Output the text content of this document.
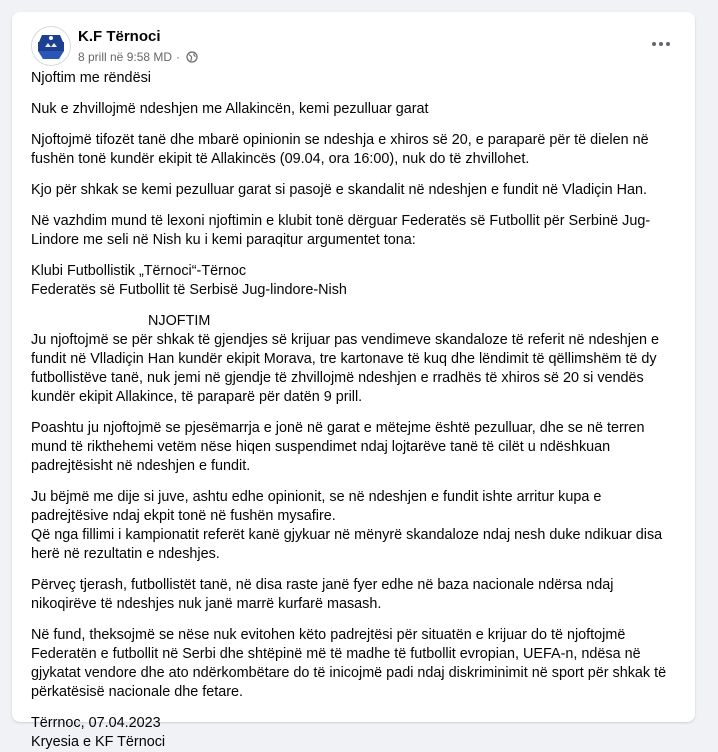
K.F Tërnoci
8 prill në 9:58 MD ·

Njoftim me rëndësi

Nuk e zhvillojmë ndeshjen me Allakincën, kemi pezulluar garat

Njoftojmë tifozët tanë dhe mbarë opinionin se ndeshja e xhiros së 20, e paraparë për të dielen në fushën tonë kundër ekipit të Allakincës (09.04, ora 16:00), nuk do të zhvillohet.

Kjo për shkak se kemi pezulluar garat si pasojë e skandalit në ndeshjen e fundit në Vladiçin Han.

Në vazhdim mund të lexoni njoftimin e klubit tonë dërguar Federatës së Futbollit për Serbinë Jug-Lindore me seli në Nish ku i kemi paraqitur argumentet tona:

Klubi Futbollistik „Tërnoci“-Tërnoc

Federatës së Futbollit të Serbisë Jug-lindore-Nish

NJOFTIM

Ju njoftojmë se për shkak të gjendjes së krijuar pas vendimeve skandaloze të referit në ndeshjen e fundit në Vlladiçin Han kundër ekipit Morava, tre kartonave të kuq dhe lëndimit të qëllimshëm të dy futbollistëve tanë, nuk jemi në gjendje të zhvillojmë ndeshjen e rradhës të xhiros së 20 si vendës kundër ekipit Allakince, të paraparë për datën 9 prill.

Poashtu ju njoftojmë se pjesëmarrja e jonë në garat e mëtejme është pezulluar, dhe se në terren mund të rikthehemi vetëm nëse hiqen suspendimet ndaj lojtarëve tanë të cilët u ndëshkuan padrejtësisht në ndeshjen e fundit.

Ju bëjmë me dije si juve, ashtu edhe opinionit, se në ndeshjen e fundit ishte arritur kupa e padrejtësive ndaj ekpit tonë në fushën mysafire.

Që nga fillimi i kampionatit referët kanë gjykuar në mënyrë skandaloze ndaj nesh duke ndikuar disa herë në rezultatin e ndeshjes.

Përveç tjerash, futbollistët tanë, në disa raste janë fyer edhe në baza nacionale ndërsa ndaj nikoqirëve të ndeshjes nuk janë marrë kurfarë masash.

Në fund, theksojmë se nëse nuk evitohen këto padrejtësi për situatën e krijuar do të njoftojmë Federatën e futbollit në Serbi dhe shtëpinë më të madhe të futbollit evropian, UEFA-n, ndësa në gjykatat vendore dhe ato ndërkombëtare do të inicojmë padi ndaj diskriminimit në sport për shkak të përkatësisë nacionale dhe fetare.

Tërrnoc, 07.04.2023

Kryesia e KF Tërnoci
